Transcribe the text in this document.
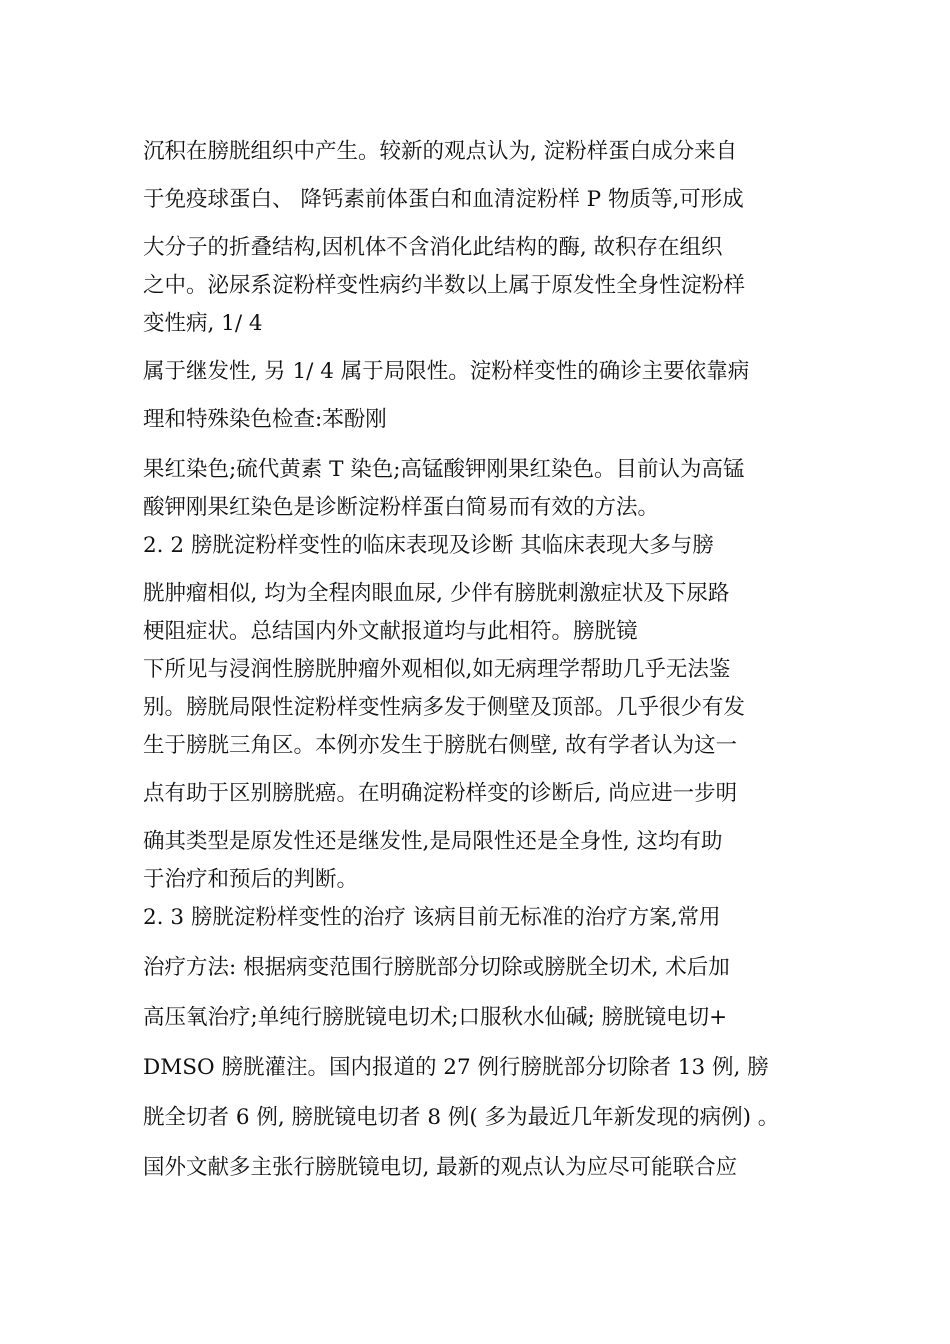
沉积在膀胱组织中产生。较新的观点认为, 淀粉样蛋白成分来自
于免疫球蛋白、 降钙素前体蛋白和血清淀粉样 P 物质等,可形成
大分子的折叠结构,因机体不含消化此结构的酶, 故积存在组织
之中。泌尿系淀粉样变性病约半数以上属于原发性全身性淀粉样
变性病, 1/ 4
属于继发性, 另 1/ 4 属于局限性。淀粉样变性的确诊主要依靠病
理和特殊染色检查:苯酚刚
果红染色;硫代黄素 T 染色;高锰酸钾刚果红染色。目前认为高锰
酸钾刚果红染色是诊断淀粉样蛋白简易而有效的方法。
2. 2 膀胱淀粉样变性的临床表现及诊断 其临床表现大多与膀
胱肿瘤相似, 均为全程肉眼血尿, 少伴有膀胱刺激症状及下尿路
梗阻症状。总结国内外文献报道均与此相符。膀胱镜
下所见与浸润性膀胱肿瘤外观相似,如无病理学帮助几乎无法鉴
别。膀胱局限性淀粉样变性病多发于侧壁及顶部。几乎很少有发
生于膀胱三角区。本例亦发生于膀胱右侧壁, 故有学者认为这一
点有助于区别膀胱癌。在明确淀粉样变的诊断后, 尚应进一步明
确其类型是原发性还是继发性,是局限性还是全身性, 这均有助
于治疗和预后的判断。
2. 3 膀胱淀粉样变性的治疗 该病目前无标准的治疗方案,常用
治疗方法: 根据病变范围行膀胱部分切除或膀胱全切术, 术后加
高压氧治疗;单纯行膀胱镜电切术;口服秋水仙碱; 膀胱镜电切+
DMSO 膀胱灌注。国内报道的 27 例行膀胱部分切除者 13 例, 膀
胱全切者 6 例, 膀胱镜电切者 8 例( 多为最近几年新发现的病例) 。
国外文献多主张行膀胱镜电切, 最新的观点认为应尽可能联合应
